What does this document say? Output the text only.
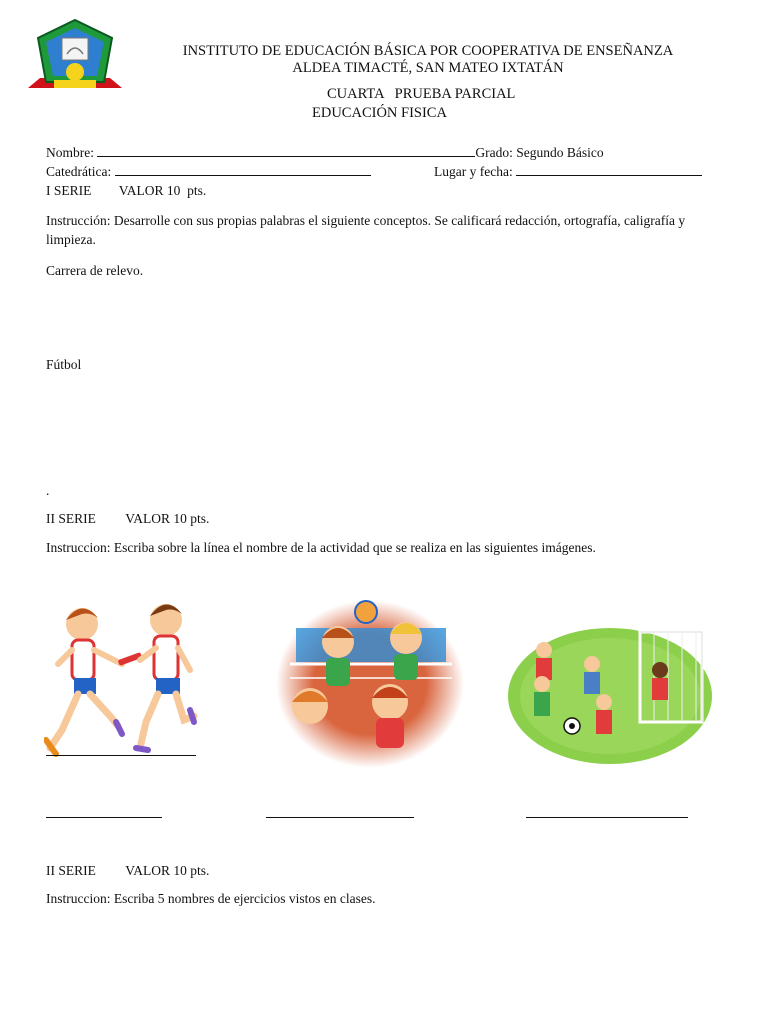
INSTITUTO DE EDUCACIÓN BÁSICA POR COOPERATIVA DE ENSEÑANZA
ALDEA TIMACTÉ, SAN MATEO IXTATÁN
CUARTA   PRUEBA PARCIAL
EDUCACIÓN FISICA
Nombre:	Grado: Segundo Básico
Catedrática:	Lugar y fecha:
I SERIE VALOR 10  pts.
Instrucción: Desarrolle con sus propias palabras el siguiente conceptos. Se calificará redacción, ortografía, caligrafía y limpieza.
Carrera de relevo.
Fútbol
.
II SERIE VALOR 10 pts.
Instruccion: Escriba sobre la línea el nombre de la actividad que se realiza en las siguientes imágenes.
II SERIE VALOR 10 pts.
Instruccion: Escriba 5 nombres de ejercicios vistos en clases.
